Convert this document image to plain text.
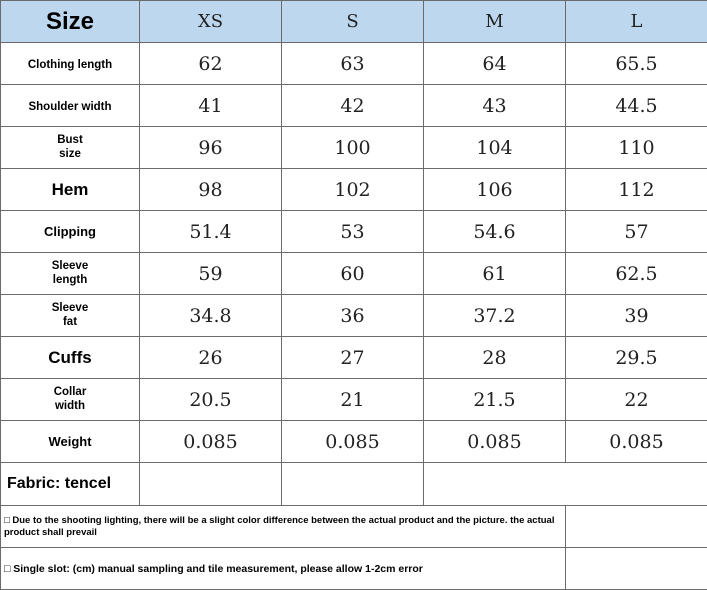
Size	XS	S	M	L
Clothing length	62	63	64	65.5
Shoulder width	41	42	43	44.5
Bust size	96	100	104	110
Hem	98	102	106	112
Clipping	51.4	53	54.6	57
Sleeve length	59	60	61	62.5
Sleeve fat	34.8	36	37.2	39
Cuffs	26	27	28	29.5
Collar width	20.5	21	21.5	22
Weight	0.085	0.085	0.085	0.085
Fabric: tencel				
□ Due to the shooting lighting, there will be a slight color difference between the actual product and the picture. the actual product shall prevail				
□ Single slot: (cm) manual sampling and tile measurement, please allow 1-2cm error				
